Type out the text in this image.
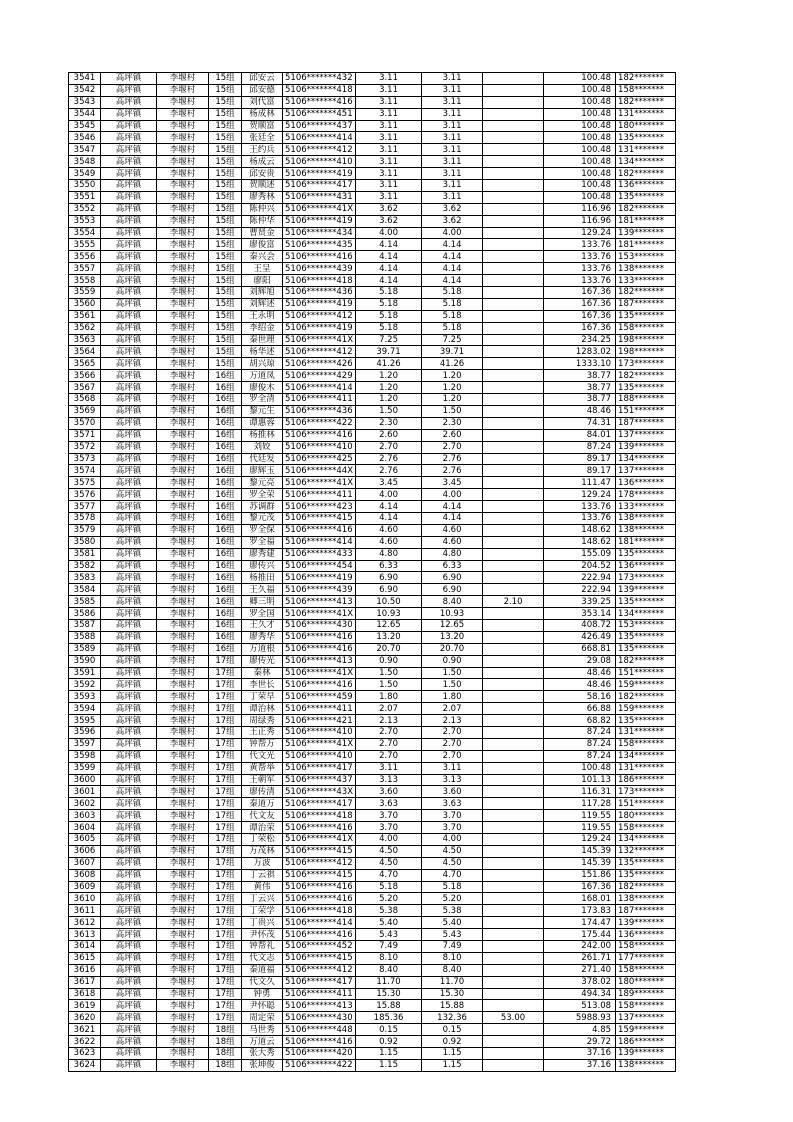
3541	高坪镇	李堰村	15组	邱安云	5106*******432	3.11	3.11		100.48	182*******
3542	高坪镇	李堰村	15组	邱安德	5106*******418	3.11	3.11		100.48	158*******
3543	高坪镇	李堰村	15组	刘代富	5106*******416	3.11	3.11		100.48	182*******
3544	高坪镇	李堰村	15组	杨成林	5106*******451	3.11	3.11		100.48	131*******
3545	高坪镇	李堰村	15组	贺顺富	5106*******437	3.11	3.11		100.48	180*******
3546	高坪镇	李堰村	15组	张廷全	5106*******414	3.11	3.11		100.48	135*******
3547	高坪镇	李堰村	15组	王约兵	5106*******412	3.11	3.11		100.48	131*******
3548	高坪镇	李堰村	15组	杨成云	5106*******410	3.11	3.11		100.48	134*******
3549	高坪镇	李堰村	15组	邱安贵	5106*******419	3.11	3.11		100.48	182*******
3550	高坪镇	李堰村	15组	贺顺述	5106*******417	3.11	3.11		100.48	136*******
3551	高坪镇	李堰村	15组	廖秀林	5106*******431	3.11	3.11		100.48	135*******
3552	高坪镇	李堰村	15组	陈仲兴	5106*******41X	3.62	3.62		116.96	182*******
3553	高坪镇	李堰村	15组	陈仲华	5106*******419	3.62	3.62		116.96	181*******
3554	高坪镇	李堰村	15组	曹贤金	5106*******434	4.00	4.00		129.24	139*******
3555	高坪镇	李堰村	15组	廖俊富	5106*******435	4.14	4.14		133.76	181*******
3556	高坪镇	李堰村	15组	秦兴会	5106*******416	4.14	4.14		133.76	153*******
3557	高坪镇	李堰村	15组	王呈	5106*******439	4.14	4.14		133.76	138*******
3558	高坪镇	李堰村	15组	廖阳	5106*******418	4.14	4.14		133.76	133*******
3559	高坪镇	李堰村	15组	刘辉旭	5106*******436	5.18	5.18		167.36	182*******
3560	高坪镇	李堰村	15组	刘辉述	5106*******419	5.18	5.18		167.36	187*******
3561	高坪镇	李堰村	15组	王永明	5106*******412	5.18	5.18		167.36	135*******
3562	高坪镇	李堰村	15组	李绍金	5106*******419	5.18	5.18		167.36	158*******
3563	高坪镇	李堰村	15组	秦世理	5106*******41X	7.25	7.25		234.25	198*******
3564	高坪镇	李堰村	15组	杨华述	5106*******412	39.71	39.71		1283.02	198*******
3565	高坪镇	李堰村	15组	胡兴琼	5106*******426	41.26	41.26		1333.10	173*******
3566	高坪镇	李堰村	16组	万道凤	5106*******429	1.20	1.20		38.77	182*******
3567	高坪镇	李堰村	16组	廖俊木	5106*******414	1.20	1.20		38.77	135*******
3568	高坪镇	李堰村	16组	罗全清	5106*******411	1.20	1.20		38.77	188*******
3569	高坪镇	李堰村	16组	黎元生	5106*******436	1.50	1.50		48.46	151*******
3570	高坪镇	李堰村	16组	谭惠蓉	5106*******422	2.30	2.30		74.31	187*******
3571	高坪镇	李堰村	16组	杨推林	5106*******416	2.60	2.60		84.01	137*******
3572	高坪镇	李堰村	16组	刘姣	5106*******410	2.70	2.70		87.24	139*******
3573	高坪镇	李堰村	16组	代廷发	5106*******425	2.76	2.76		89.17	134*******
3574	高坪镇	李堰村	16组	廖辉玉	5106*******44X	2.76	2.76		89.17	137*******
3575	高坪镇	李堰村	16组	黎元亮	5106*******41X	3.45	3.45		111.47	136*******
3576	高坪镇	李堰村	16组	罗全荣	5106*******411	4.00	4.00		129.24	178*******
3577	高坪镇	李堰村	16组	苏调群	5106*******423	4.14	4.14		133.76	133*******
3578	高坪镇	李堰村	16组	黎元茂	5106*******415	4.14	4.14		133.76	138*******
3579	高坪镇	李堰村	16组	罗全保	5106*******416	4.60	4.60		148.62	138*******
3580	高坪镇	李堰村	16组	罗全福	5106*******414	4.60	4.60		148.62	181*******
3581	高坪镇	李堰村	16组	廖秀建	5106*******433	4.80	4.80		155.09	135*******
3582	高坪镇	李堰村	16组	廖传兴	5106*******454	6.33	6.33		204.52	136*******
3583	高坪镇	李堰村	16组	杨推田	5106*******419	6.90	6.90		222.94	173*******
3584	高坪镇	李堰村	16组	王久福	5106*******439	6.90	6.90		222.94	139*******
3585	高坪镇	李堰村	16组	卿三明	5106*******413	10.50	8.40	2.10	339.25	135*******
3586	高坪镇	李堰村	16组	罗全国	5106*******41X	10.93	10.93		353.14	134*******
3587	高坪镇	李堰村	16组	王久才	5106*******430	12.65	12.65		408.72	153*******
3588	高坪镇	李堰村	16组	廖秀华	5106*******416	13.20	13.20		426.49	135*******
3589	高坪镇	李堰村	16组	万道根	5106*******416	20.70	20.70		668.81	135*******
3590	高坪镇	李堰村	17组	廖传光	5106*******413	0.90	0.90		29.08	182*******
3591	高坪镇	李堰村	17组	秦林	5106*******41X	1.50	1.50		48.46	151*******
3592	高坪镇	李堰村	17组	李世长	5106*******416	1.50	1.50		48.46	159*******
3593	高坪镇	李堰村	17组	丁荣早	5106*******459	1.80	1.80		58.16	182*******
3594	高坪镇	李堰村	17组	谭治林	5106*******411	2.07	2.07		66.88	159*******
3595	高坪镇	李堰村	17组	周绿秀	5106*******421	2.13	2.13		68.82	135*******
3596	高坪镇	李堰村	17组	王正秀	5106*******410	2.70	2.70		87.24	131*******
3597	高坪镇	李堰村	17组	钟帮万	5106*******41X	2.70	2.70		87.24	158*******
3598	高坪镇	李堰村	17组	代文光	5106*******410	2.70	2.70		87.24	134*******
3599	高坪镇	李堰村	17组	黄帮举	5106*******417	3.11	3.11		100.48	131*******
3600	高坪镇	李堰村	17组	王朝军	5106*******437	3.13	3.13		101.13	186*******
3601	高坪镇	李堰村	17组	廖传清	5106*******43X	3.60	3.60		116.31	173*******
3602	高坪镇	李堰村	17组	秦道万	5106*******417	3.63	3.63		117.28	151*******
3603	高坪镇	李堰村	17组	代文友	5106*******418	3.70	3.70		119.55	180*******
3604	高坪镇	李堰村	17组	谭治荣	5106*******416	3.70	3.70		119.55	158*******
3605	高坪镇	李堰村	17组	丁荣松	5106*******41X	4.00	4.00		129.24	134*******
3606	高坪镇	李堰村	17组	万茂林	5106*******415	4.50	4.50		145.39	132*******
3607	高坪镇	李堰村	17组	万波	5106*******412	4.50	4.50		145.39	135*******
3608	高坪镇	李堰村	17组	丁云祺	5106*******415	4.70	4.70		151.86	135*******
3609	高坪镇	李堰村	17组	黄伟	5106*******416	5.18	5.18		167.36	182*******
3610	高坪镇	李堰村	17组	丁云兴	5106*******416	5.20	5.20		168.01	138*******
3611	高坪镇	李堰村	17组	丁荣学	5106*******418	5.38	5.38		173.83	187*******
3612	高坪镇	李堰村	17组	丁贵兴	5106*******414	5.40	5.40		174.47	139*******
3613	高坪镇	李堰村	17组	尹怀茂	5106*******416	5.43	5.43		175.44	136*******
3614	高坪镇	李堰村	17组	钟帮礼	5106*******452	7.49	7.49		242.00	158*******
3615	高坪镇	李堰村	17组	代文志	5106*******415	8.10	8.10		261.71	177*******
3616	高坪镇	李堰村	17组	秦道福	5106*******412	8.40	8.40		271.40	158*******
3617	高坪镇	李堰村	17组	代文久	5106*******417	11.70	11.70		378.02	180*******
3618	高坪镇	李堰村	17组	钟勇	5106*******411	15.30	15.30		494.34	189*******
3619	高坪镇	李堰村	17组	尹怀聪	5106*******413	15.88	15.88		513.08	158*******
3620	高坪镇	李堰村	17组	周定荣	5106*******430	185.36	132.36	53.00	5988.93	137*******
3621	高坪镇	李堰村	18组	马世秀	5106*******448	0.15	0.15		4.85	159*******
3622	高坪镇	李堰村	18组	万道云	5106*******416	0.92	0.92		29.72	186*******
3623	高坪镇	李堰村	18组	张大秀	5106*******420	1.15	1.15		37.16	139*******
3624	高坪镇	李堰村	18组	张坤俊	5106*******422	1.15	1.15		37.16	138*******
